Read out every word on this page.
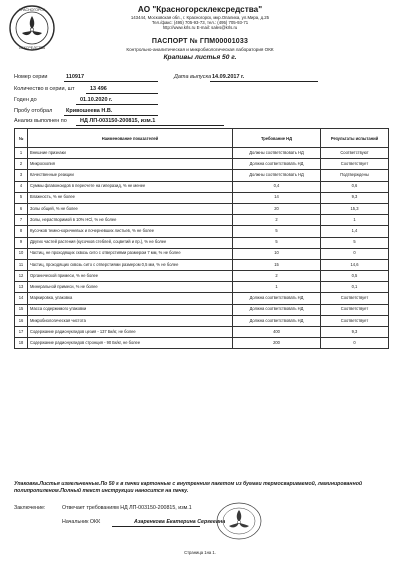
КРАСНОГОРСК
ЛЕКСРЕДСТВА
АО "Красногорсклексредства"
143444, Московская обл., г. Красногорск, мкр.Опалиха, ул.Мира, д.25
Тел./факс: (495) 705-93-73, тел.: (495) 705-93-71
http://www.krls.ru E-mail: sales@krls.ru
ПАСПОРТ № ГПМ00001033
Контрольно-аналитическая и микробиологическая лаборатория ОКК
Крапивы листья 50 г.
Номер серии	110917	Дата выпуска 14.09.2017 г.
Количество в серии, шт	13 496
Годен до	01.10.2020 г.
Пробу отобрал Кривошеева Н.В.
Анализ выполнен по НД ЛП-003150-200815, изм.1
№	Наименование показателей	Требование НД	Результаты испытаний
1	Внешние признаки	Должны соответствовать НД	Соответствуют
2	Микроскопия	Должна соответствовать НД	Соответствует
3	Качественные реакции	Должны соответствовать НД	Подтверждены
4	Суммы флавоноидов в пересчете на гиперазид, % не менее	0,4	0,6
5	Влажность, % не более	14	9,3
6	Золы общей, % не более	20	15,3
7	Золы, нерастворимой в 10% HCl, % не более	2	1
8	Кусочков темно-коричневых и почерневших листьев, % не более	5	1,4
9	Других частей растения (кусочков стеблей, соцветий и пр.), % не более	5	5
10	Частиц, не проходящих сквозь сито с отверстиями размером 7 мм, % не более	10	0
11	Частиц, проходящих сквозь сито с отверстиями размером 0,5 мм, % не более	15	14,6
12	Органической примеси, % не более	2	0,5
13	Минеральной примеси, % не более	1	0,1
14	Маркировка, упаковка	Должна соответствовать НД	Соответствует
15	Масса содержимого упаковки	Должна соответствовать НД	Соответствует
16	Микробиологическая чистота	Должна соответствовать НД	Соответствует
17	Содержание радионуклидов цезия - 137 Бк/кг, не более	400	9,3
18	Содержание радионуклидов стронция - 90 Бк/кг, не более	200	0
Упаковка.Листья измельченные.По 50 г в пачки картонные с внутренним пакетом из бумаги термосвариваемой, ламинированной полипропиленом.Полный текст инструкции наносится на пачку.
Заключение:	Отвечает требованиям НД ЛП-003150-200815, изм.1
Начальник ОКК	Азаренкова Екатерина Сергеевна
Страница 1на 1.
